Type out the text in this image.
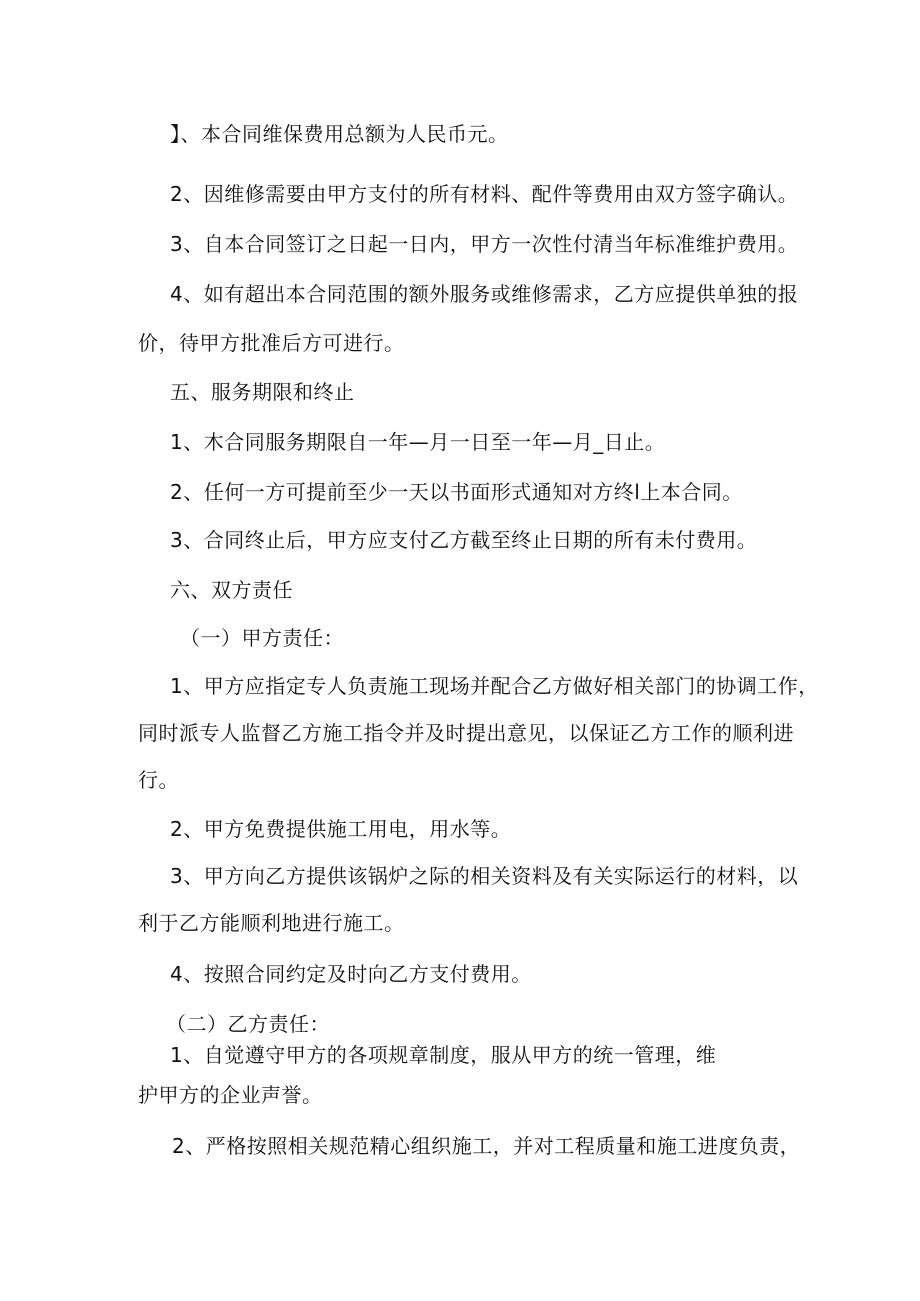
】、本合同维保费用总额为人民币元。
2、因维修需要由甲方支付的所有材料、配件等费用由双方签字确认。
3、自本合同签订之日起一日内，甲方一次性付清当年标准维护费用。
4、如有超出本合同范围的额外服务或维修需求，乙方应提供单独的报
价，待甲方批准后方可进行。
五、服务期限和终止
1、木合同服务期限自一年—月一日至一年—月_日止。
2、任何一方可提前至少一天以书面形式通知对方终l上本合同。
3、合同终止后，甲方应支付乙方截至终止日期的所有未付费用。
六、双方责任
（一）甲方责任：
1、甲方应指定专人负责施工现场并配合乙方做好相关部门的协调工作，
同时派专人监督乙方施工指令并及时提出意见，以保证乙方工作的顺利进
行。
2、甲方免费提供施工用电，用水等。
3、甲方向乙方提供该锅炉之际的相关资料及有关实际运行的材料，以
利于乙方能顺利地进行施工。
4、按照合同约定及时向乙方支付费用。
（二）乙方责任：
1、自觉遵守甲方的各项规章制度，服从甲方的统一管理，维
护甲方的企业声誉。
2、严格按照相关规范精心组织施工，并对工程质量和施工进度负责，
